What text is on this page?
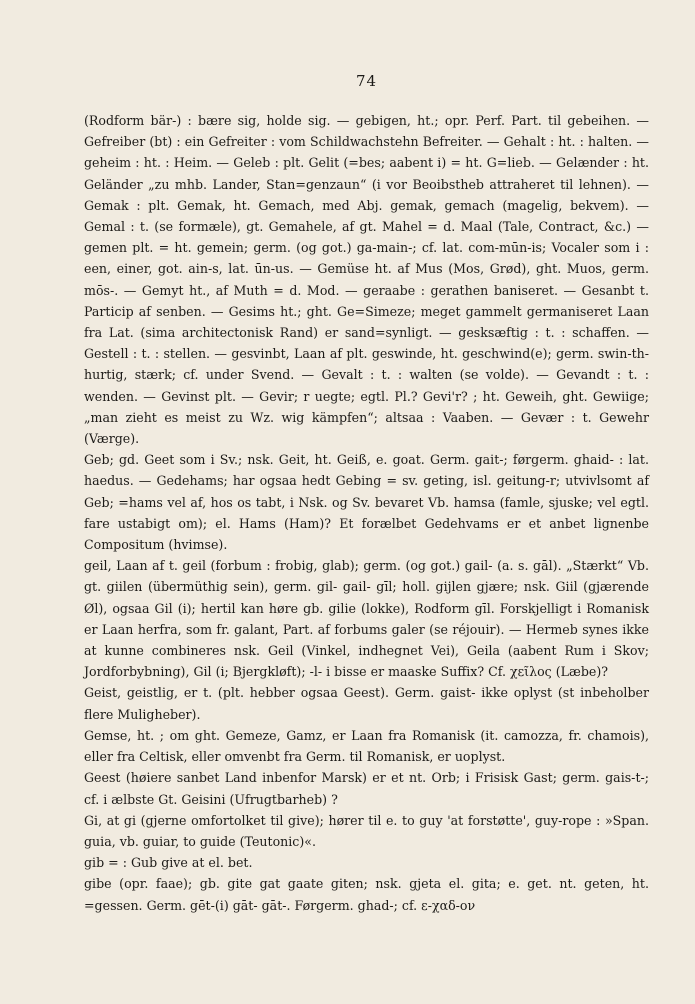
74

(Rodform bär-) : bære sig, holde sig. — gebigen, ht.; opr. Perf. Part. til gebeihen. — Gefreiber (bt) : ein Gefreiter : vom Schildwachstehn Befreiter. — Gehalt : ht. : halten. — geheim : ht. : Heim. — Geleb : plt. Gelit (=bes; aabent i) = ht. G=lieb. — Gelænder : ht. Geländer „zu mhb. Lander, Stan=genzaun“ (i vor Beoibstheb attraheret til lehnen). — Gemak : plt. Gemak, ht. Gemach, med Abj. gemak, gemach (magelig, bekvem). — Gemal : t. (se formæle), gt. Gemahele, af gt. Mahel = d. Maal (Tale, Contract, &c.) — gemen plt. = ht. gemein; germ. (og got.) ga-main-; cf. lat. com-mūn-is; Vocaler som i : een, einer, got. ain-s, lat. ūn-us. — Gemüse ht. af Mus (Mos, Grød), ght. Muos, germ. mōs-. — Gemyt ht., af Muth = d. Mod. — geraabe : gerathen baniseret. — Gesanbt t. Particip af senben. — Gesims ht.; ght. Ge=Simeze; meget gammelt germaniseret Laan fra Lat. (sima architectonisk Rand) er sand=synligt. — gesksæftig : t. : schaffen. — Gestell : t. : stellen. — gesvinbt, Laan af plt. geswinde, ht. geschwind(e); germ. swin-th- hurtig, stærk; cf. under Svend. — Gevalt : t. : walten (se volde). — Gevandt : t. : wenden. — Gevinst plt. — Gevir; r uegte; egtl. Pl.? Gevi'r? ; ht. Geweih, ght. Gewiige; „man zieht es meist zu Wz. wig kämpfen“; altsaa : Vaaben. — Gevær : t. Gewehr (Værge).

Geb; gd. Geet som i Sv.; nsk. Geit, ht. Geiß, e. goat. Germ. gait-; førgerm. ghaid- : lat. haedus. — Gedehams; har ogsaa hedt Gebing = sv. geting, isl. geitung-r; utvivlsomt af Geb; =hams vel af, hos os tabt, i Nsk. og Sv. bevaret Vb. hamsa (famle, sjuske; vel egtl. fare ustabigt om); el. Hams (Ham)? Et forælbet Gedehvams er et anbet lignenbe Compositum (hvimse).

geil, Laan af t. geil (forbum : frobig, glab); germ. (og got.) gail- (a. s. gāl). „Stærkt“ Vb. gt. giilen (übermüthig sein), germ. gil- gail- gīl; holl. gijlen gjære; nsk. Giil (gjærende Øl), ogsaa Gil (i); hertil kan høre gb. gilie (lokke), Rodform gīl. Forskjelligt i Romanisk er Laan herfra, som fr. galant, Part. af forbums galer (se réjouir). — Hermeb synes ikke at kunne combineres nsk. Geil (Vinkel, indhegnet Vei), Geila (aabent Rum i Skov; Jordforbybning), Gil (i; Bjergkløft); -l- i bisse er maaske Suffix? Cf. χεῖλος (Læbe)?

Geist, geistlig, er t. (plt. hebber ogsaa Geest). Germ. gaist- ikke oplyst (st inbeholber flere Muligheber).

Gemse, ht. ; om ght. Gemeze, Gamz, er Laan fra Romanisk (it. camozza, fr. chamois), eller fra Celtisk, eller omvenbt fra Germ. til Romanisk, er uoplyst.

Geest (høiere sanbet Land inbenfor Marsk) er et nt. Orb; i Frisisk Gast; germ. gais-t-; cf. i ælbste Gt. Geisini (Ufrugtbarheb) ?

Gi, at gi (gjerne omfortolket til give); hører til e. to guy 'at forstøtte', guy-rope : »Span. guia, vb. guiar, to guide (Teutonic)«.

gib = : Gub give at el. bet.

gibe (opr. faae); gb. gite gat gaate giten; nsk. gjeta el. gita; e. get. nt. geten, ht. =gessen. Germ. gēt-(i) gāt- gāt-. Førgerm. ghad-; cf. ε-χαδ-ον
